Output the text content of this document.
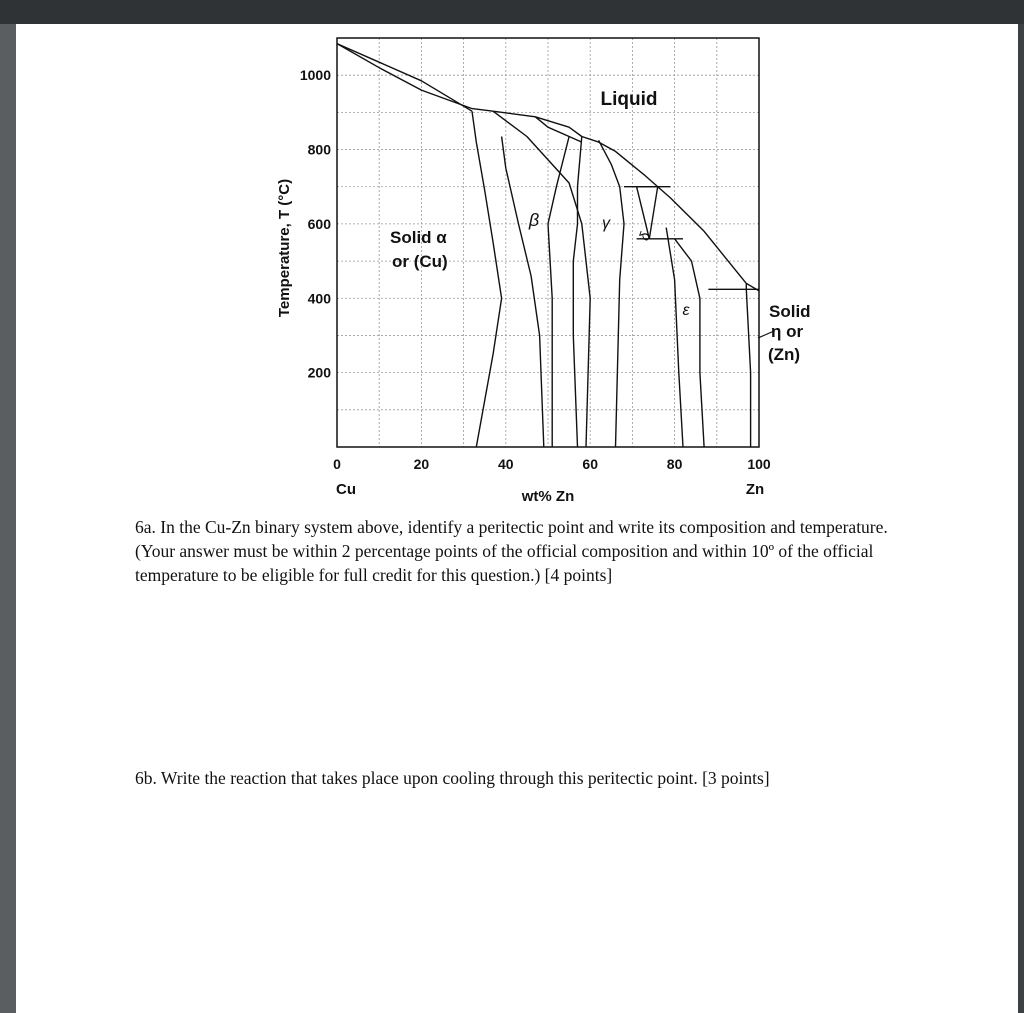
0	20	40	60	80	100
200
400
600
800
1000
Temperature, T (°C)
wt% Zn
Cu	Zn
Liquid
Solid α
or (Cu)
β	γ
δ
ε	Solid
η or
(Zn)

6a. In the Cu-Zn binary system above, identify a peritectic point and write its composition and temperature. (Your answer must be within 2 percentage points of the official composition and within 10º of the official temperature to be eligible for full credit for this question.) [4 points]

6b. Write the reaction that takes place upon cooling through this peritectic point. [3 points]
